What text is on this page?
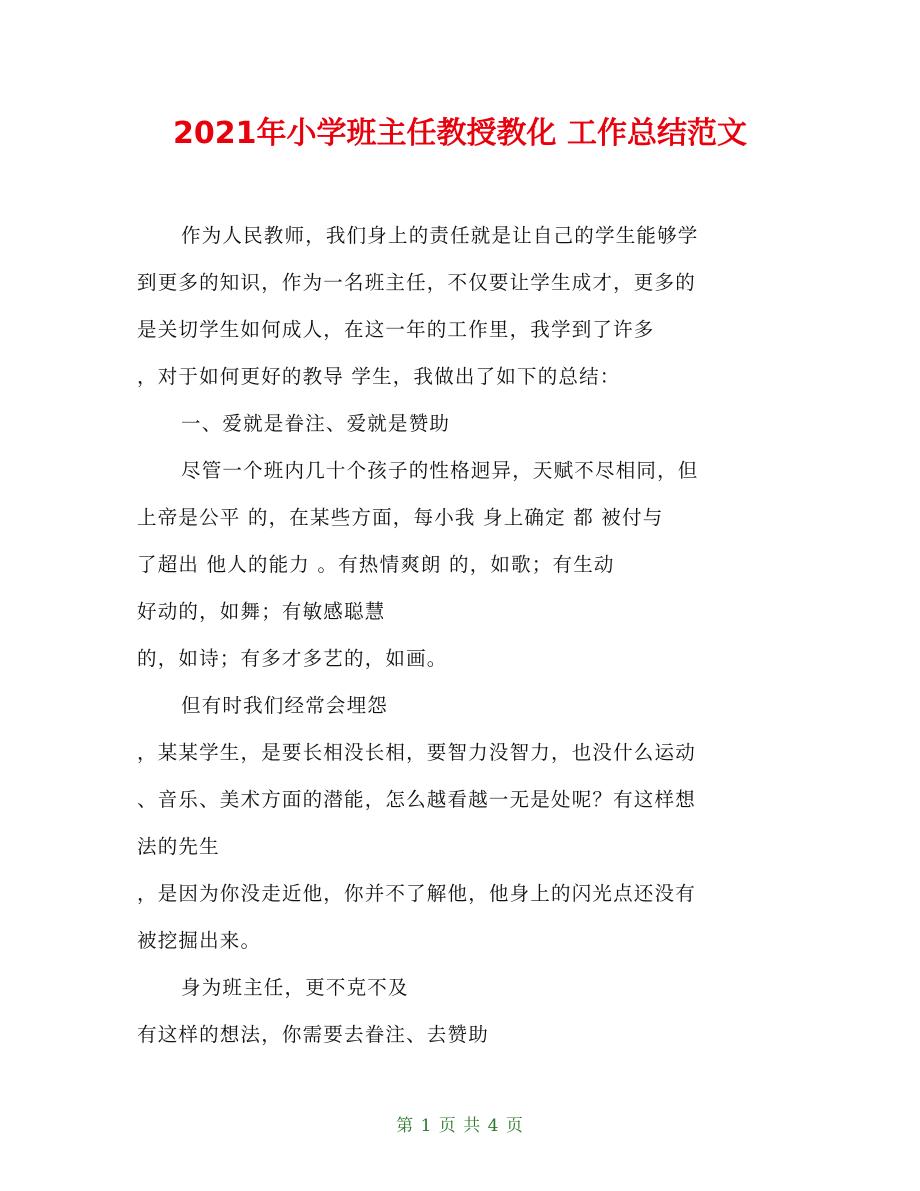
2021年小学班主任教授教化 工作总结范文
作为人民教师，我们身上的责任就是让自己的学生能够学
到更多的知识，作为一名班主任，不仅要让学生成才，更多的
是关切学生如何成人，在这一年的工作里，我学到了许多
，对于如何更好的教导 学生，我做出了如下的总结：
一、爱就是眷注、爱就是赞助
尽管一个班内几十个孩子的性格迥异，天赋不尽相同，但
上帝是公平 的，在某些方面，每小我 身上确定 都 被付与
了超出 他人的能力 。有热情爽朗 的，如歌；有生动
好动的，如舞；有敏感聪慧
的，如诗；有多才多艺的，如画。
但有时我们经常会埋怨
，某某学生，是要长相没长相，要智力没智力，也没什么运动
、音乐、美术方面的潜能，怎么越看越一无是处呢？有这样想
法的先生
，是因为你没走近他，你并不了解他，他身上的闪光点还没有
被挖掘出来。
身为班主任，更不克不及
有这样的想法，你需要去眷注、去赞助
第 1 页 共 4 页
